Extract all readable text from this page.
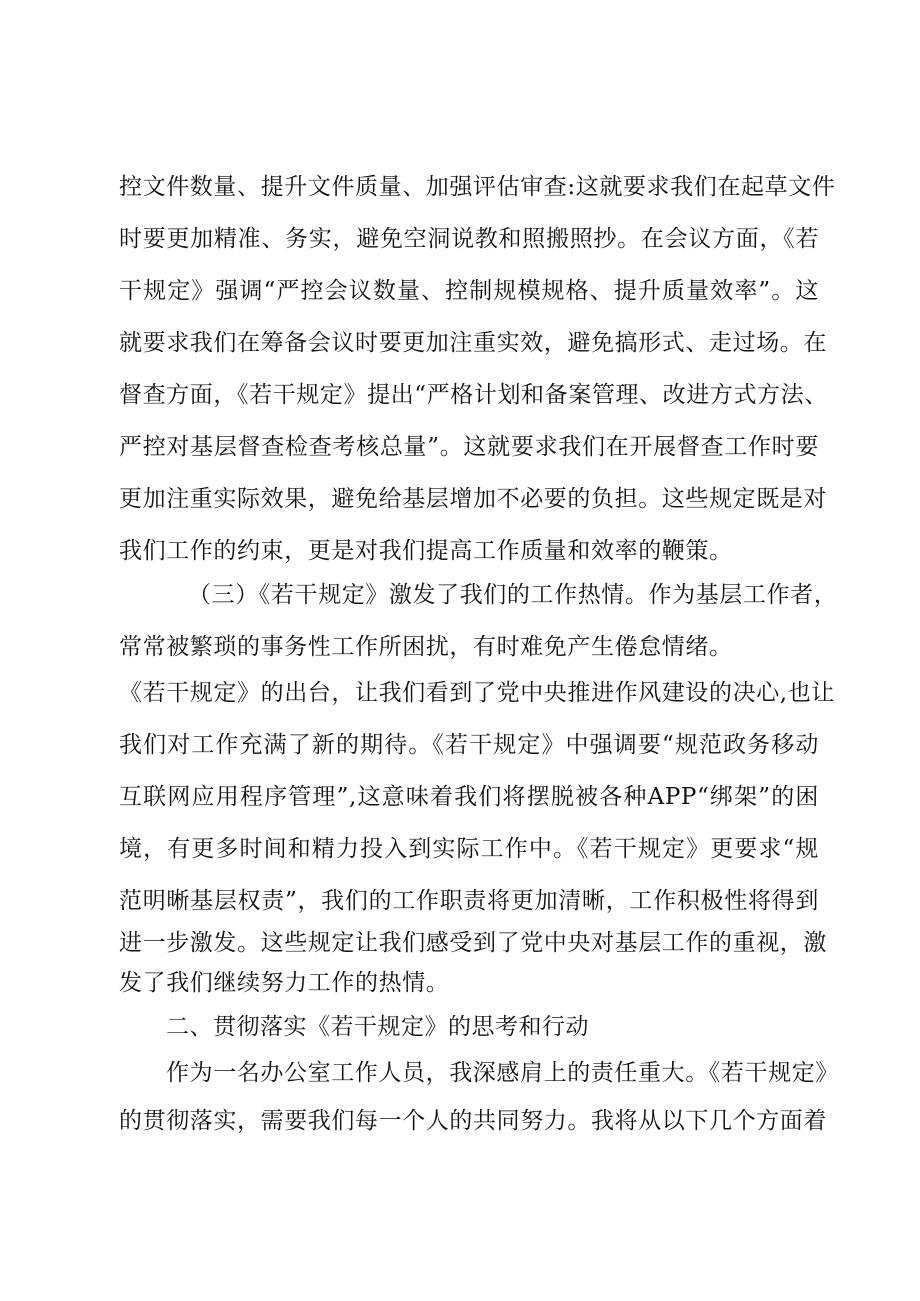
控文件数量、提升文件质量、加强评估审查:这就要求我们在起草文件
时要更加精准、务实，避免空洞说教和照搬照抄。在会议方面，《若
干规定》强调“严控会议数量、控制规模规格、提升质量效率”。这
就要求我们在筹备会议时要更加注重实效，避免搞形式、走过场。在
督查方面，《若干规定》提出“严格计划和备案管理、改进方式方法、
严控对基层督查检查考核总量”。这就要求我们在开展督查工作时要
更加注重实际效果，避免给基层增加不必要的负担。这些规定既是对
我们工作的约束，更是对我们提高工作质量和效率的鞭策。
（三）《若干规定》激发了我们的工作热情。作为基层工作者，
常常被繁琐的事务性工作所困扰，有时难免产生倦怠情绪。
《若干规定》的出台，让我们看到了党中央推进作风建设的决心,也让
我们对工作充满了新的期待。《若干规定》中强调要“规范政务移动
互联网应用程序管理”,这意味着我们将摆脱被各种APP“绑架”的困
境，有更多时间和精力投入到实际工作中。《若干规定》更要求“规
范明晰基层权责”，我们的工作职责将更加清晰，工作积极性将得到
进一步激发。这些规定让我们感受到了党中央对基层工作的重视，激
发了我们继续努力工作的热情。
二、贯彻落实《若干规定》的思考和行动
作为一名办公室工作人员，我深感肩上的责任重大。《若干规定》
的贯彻落实，需要我们每一个人的共同努力。我将从以下几个方面着
